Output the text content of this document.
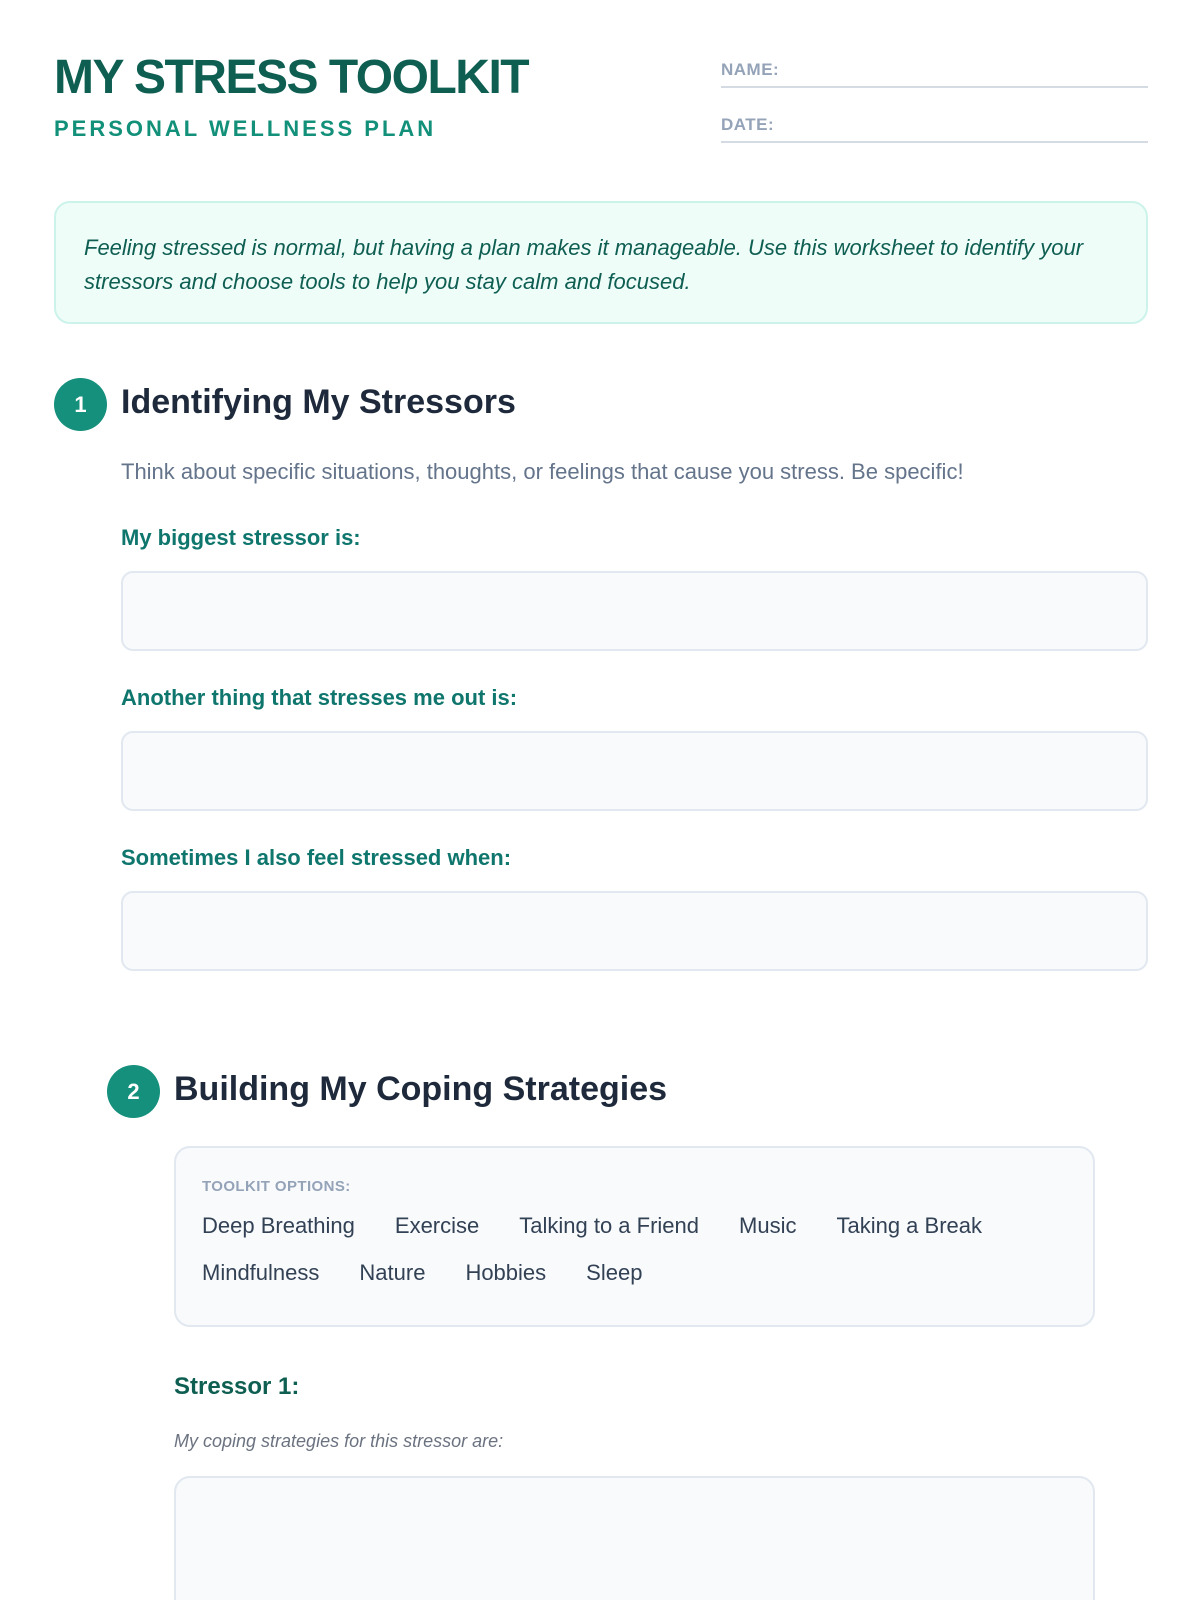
MY STRESS TOOLKIT
PERSONAL WELLNESS PLAN
NAME:
DATE:
Feeling stressed is normal, but having a plan makes it manageable. Use this worksheet to identify your stressors and choose tools to help you stay calm and focused.
1	Identifying My Stressors
Think about specific situations, thoughts, or feelings that cause you stress. Be specific!
My biggest stressor is:
Another thing that stresses me out is:
Sometimes I also feel stressed when:
2	Building My Coping Strategies
TOOLKIT OPTIONS:
Deep Breathing Exercise Talking to a Friend Music Taking a Break
Mindfulness Nature Hobbies Sleep
Stressor 1:
My coping strategies for this stressor are:
